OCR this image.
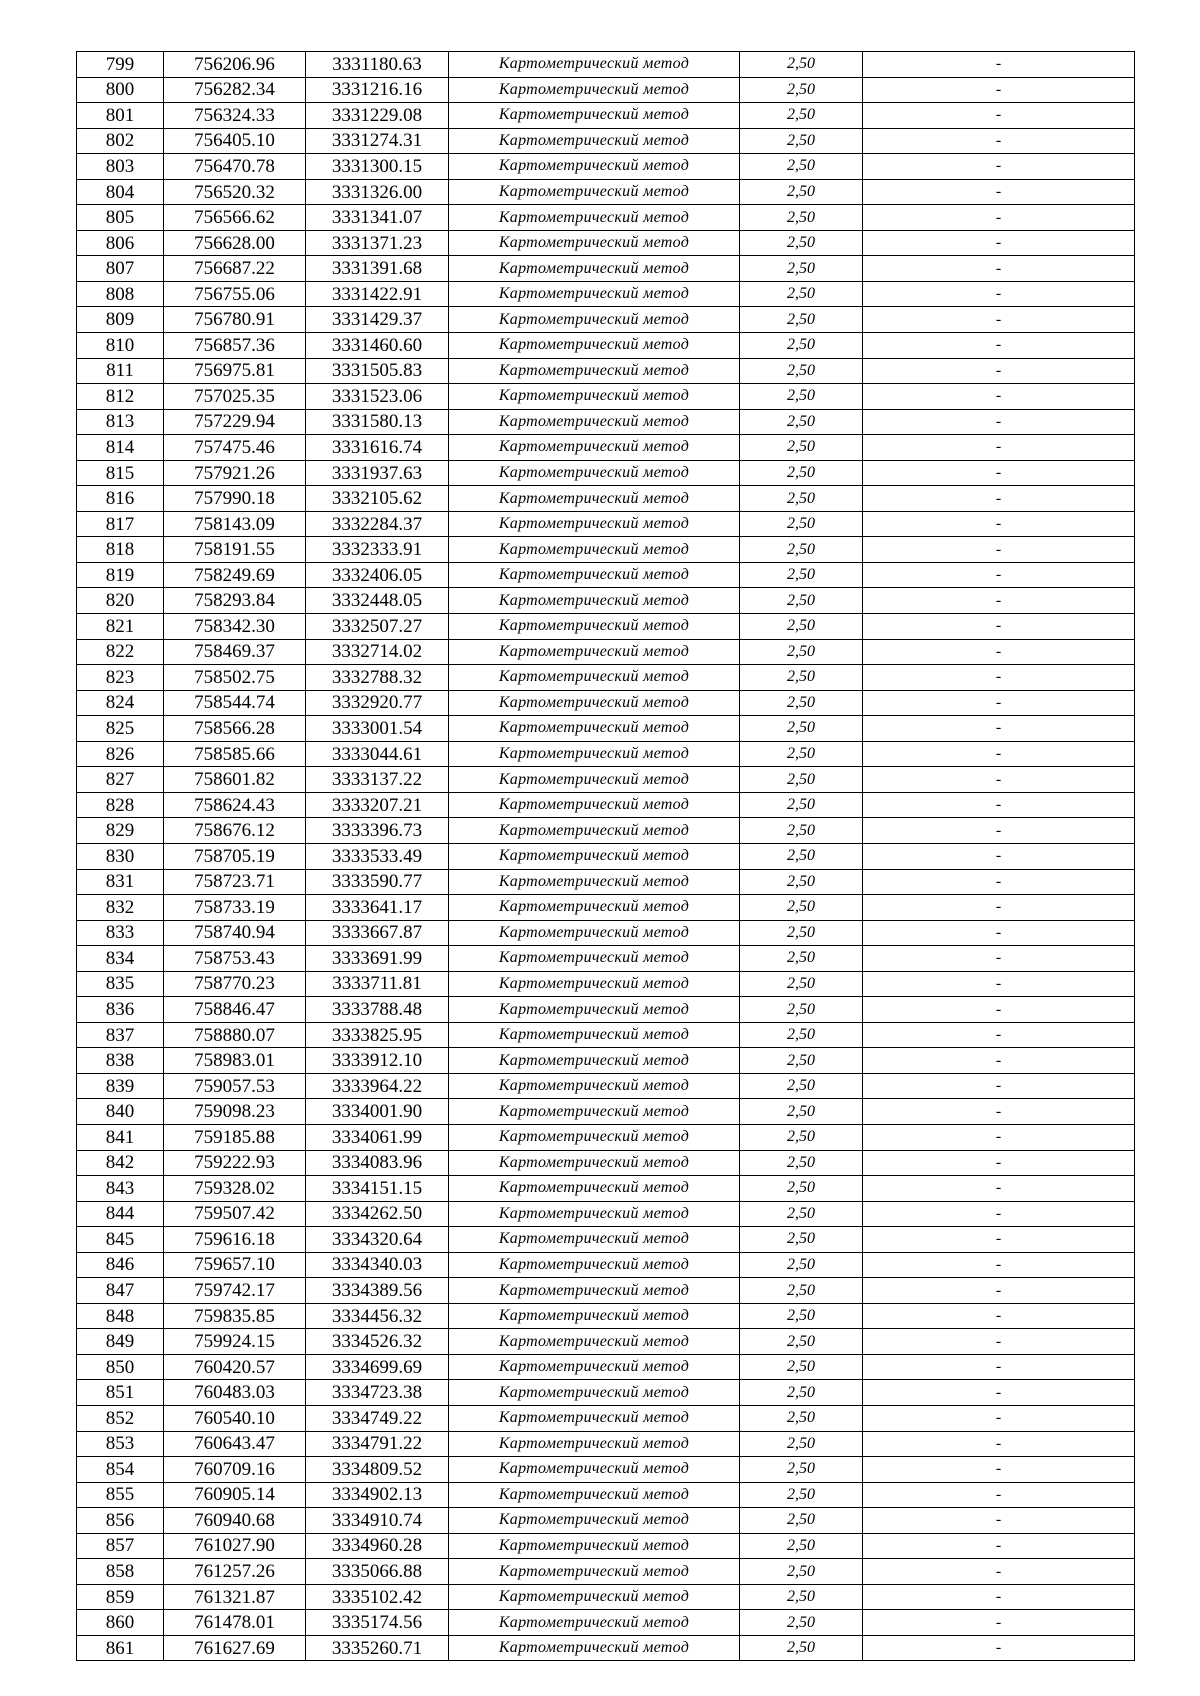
799	756206.96	3331180.63	Картометрический метод	2,50	-
800	756282.34	3331216.16	Картометрический метод	2,50	-
801	756324.33	3331229.08	Картометрический метод	2,50	-
802	756405.10	3331274.31	Картометрический метод	2,50	-
803	756470.78	3331300.15	Картометрический метод	2,50	-
804	756520.32	3331326.00	Картометрический метод	2,50	-
805	756566.62	3331341.07	Картометрический метод	2,50	-
806	756628.00	3331371.23	Картометрический метод	2,50	-
807	756687.22	3331391.68	Картометрический метод	2,50	-
808	756755.06	3331422.91	Картометрический метод	2,50	-
809	756780.91	3331429.37	Картометрический метод	2,50	-
810	756857.36	3331460.60	Картометрический метод	2,50	-
811	756975.81	3331505.83	Картометрический метод	2,50	-
812	757025.35	3331523.06	Картометрический метод	2,50	-
813	757229.94	3331580.13	Картометрический метод	2,50	-
814	757475.46	3331616.74	Картометрический метод	2,50	-
815	757921.26	3331937.63	Картометрический метод	2,50	-
816	757990.18	3332105.62	Картометрический метод	2,50	-
817	758143.09	3332284.37	Картометрический метод	2,50	-
818	758191.55	3332333.91	Картометрический метод	2,50	-
819	758249.69	3332406.05	Картометрический метод	2,50	-
820	758293.84	3332448.05	Картометрический метод	2,50	-
821	758342.30	3332507.27	Картометрический метод	2,50	-
822	758469.37	3332714.02	Картометрический метод	2,50	-
823	758502.75	3332788.32	Картометрический метод	2,50	-
824	758544.74	3332920.77	Картометрический метод	2,50	-
825	758566.28	3333001.54	Картометрический метод	2,50	-
826	758585.66	3333044.61	Картометрический метод	2,50	-
827	758601.82	3333137.22	Картометрический метод	2,50	-
828	758624.43	3333207.21	Картометрический метод	2,50	-
829	758676.12	3333396.73	Картометрический метод	2,50	-
830	758705.19	3333533.49	Картометрический метод	2,50	-
831	758723.71	3333590.77	Картометрический метод	2,50	-
832	758733.19	3333641.17	Картометрический метод	2,50	-
833	758740.94	3333667.87	Картометрический метод	2,50	-
834	758753.43	3333691.99	Картометрический метод	2,50	-
835	758770.23	3333711.81	Картометрический метод	2,50	-
836	758846.47	3333788.48	Картометрический метод	2,50	-
837	758880.07	3333825.95	Картометрический метод	2,50	-
838	758983.01	3333912.10	Картометрический метод	2,50	-
839	759057.53	3333964.22	Картометрический метод	2,50	-
840	759098.23	3334001.90	Картометрический метод	2,50	-
841	759185.88	3334061.99	Картометрический метод	2,50	-
842	759222.93	3334083.96	Картометрический метод	2,50	-
843	759328.02	3334151.15	Картометрический метод	2,50	-
844	759507.42	3334262.50	Картометрический метод	2,50	-
845	759616.18	3334320.64	Картометрический метод	2,50	-
846	759657.10	3334340.03	Картометрический метод	2,50	-
847	759742.17	3334389.56	Картометрический метод	2,50	-
848	759835.85	3334456.32	Картометрический метод	2,50	-
849	759924.15	3334526.32	Картометрический метод	2,50	-
850	760420.57	3334699.69	Картометрический метод	2,50	-
851	760483.03	3334723.38	Картометрический метод	2,50	-
852	760540.10	3334749.22	Картометрический метод	2,50	-
853	760643.47	3334791.22	Картометрический метод	2,50	-
854	760709.16	3334809.52	Картометрический метод	2,50	-
855	760905.14	3334902.13	Картометрический метод	2,50	-
856	760940.68	3334910.74	Картометрический метод	2,50	-
857	761027.90	3334960.28	Картометрический метод	2,50	-
858	761257.26	3335066.88	Картометрический метод	2,50	-
859	761321.87	3335102.42	Картометрический метод	2,50	-
860	761478.01	3335174.56	Картометрический метод	2,50	-
861	761627.69	3335260.71	Картометрический метод	2,50	-
